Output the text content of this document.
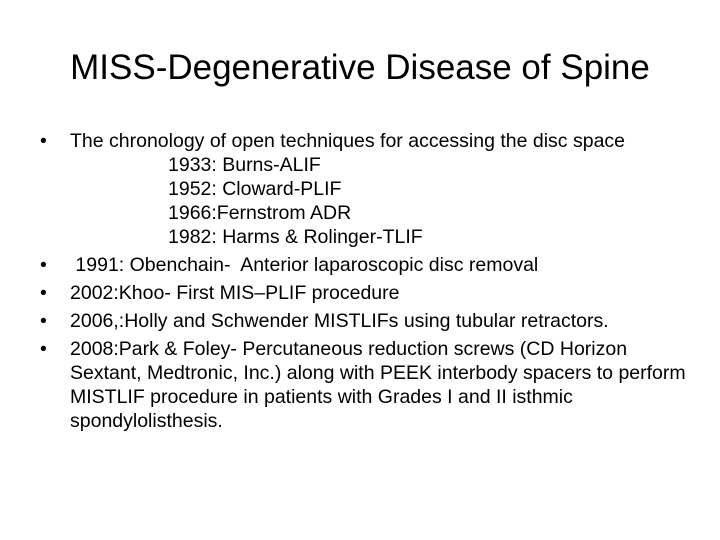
MISS-Degenerative Disease of Spine
•	The chronology of open techniques for accessing the disc space
1933: Burns-ALIF
1952: Cloward-PLIF
1966:Fernstrom ADR
1982: Harms & Rolinger-TLIF
•	1991: Obenchain-  Anterior laparoscopic disc removal
•	2002:Khoo- First MIS–PLIF procedure
•	2006,:Holly and Schwender MISTLIFs using tubular retractors.
•	2008:Park & Foley- Percutaneous reduction screws (CD Horizon Sextant, Medtronic, Inc.) along with PEEK interbody spacers to perform MISTLIF procedure in patients with Grades I and II isthmic spondylolisthesis.
